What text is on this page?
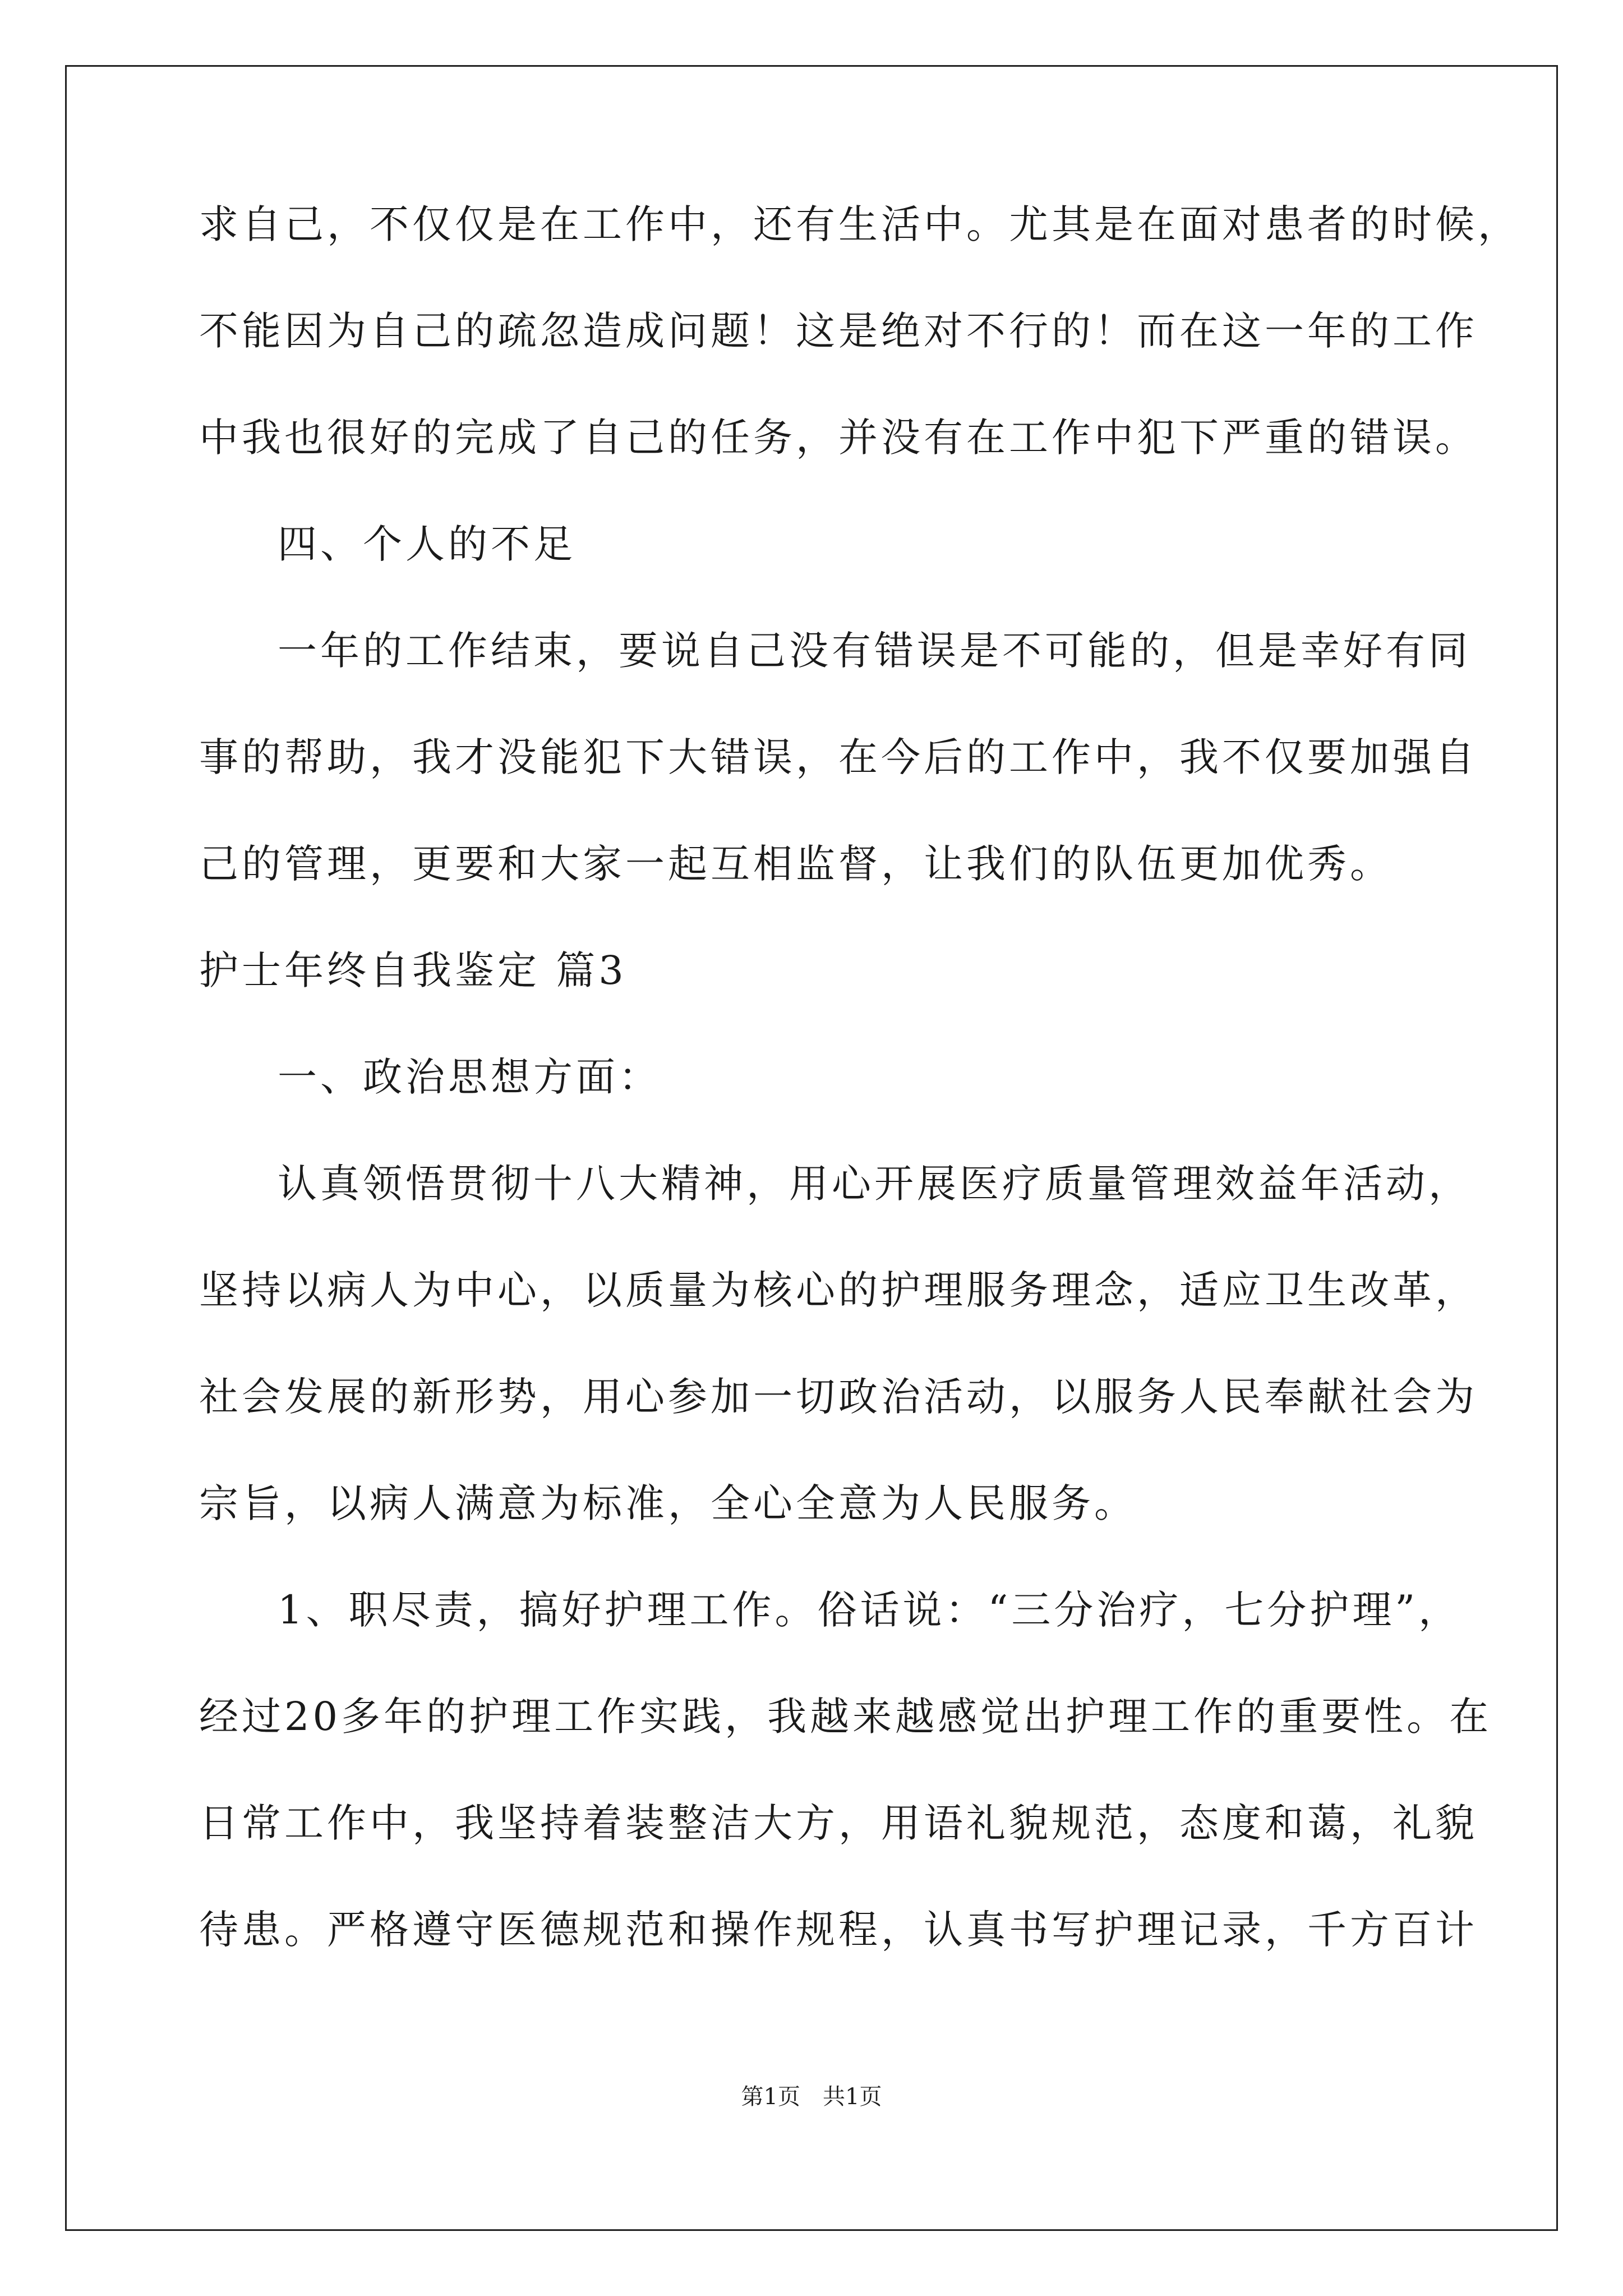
求自己，不仅仅是在工作中，还有生活中。尤其是在面对患者的时候，
不能因为自己的疏忽造成问题！这是绝对不行的！而在这一年的工作
中我也很好的完成了自己的任务，并没有在工作中犯下严重的错误。
四、个人的不足
一年的工作结束，要说自己没有错误是不可能的，但是幸好有同
事的帮助，我才没能犯下大错误，在今后的工作中，我不仅要加强自
己的管理，更要和大家一起互相监督，让我们的队伍更加优秀。
护士年终自我鉴定 篇3
一、政治思想方面：
认真领悟贯彻十八大精神，用心开展医疗质量管理效益年活动，
坚持以病人为中心，以质量为核心的护理服务理念，适应卫生改革，
社会发展的新形势，用心参加一切政治活动，以服务人民奉献社会为
宗旨，以病人满意为标准，全心全意为人民服务。
1、职尽责，搞好护理工作。俗话说：“三分治疗，七分护理”，
经过20多年的护理工作实践，我越来越感觉出护理工作的重要性。在
日常工作中，我坚持着装整洁大方，用语礼貌规范，态度和蔼，礼貌
待患。严格遵守医德规范和操作规程，认真书写护理记录，千方百计
第1页　共1页
